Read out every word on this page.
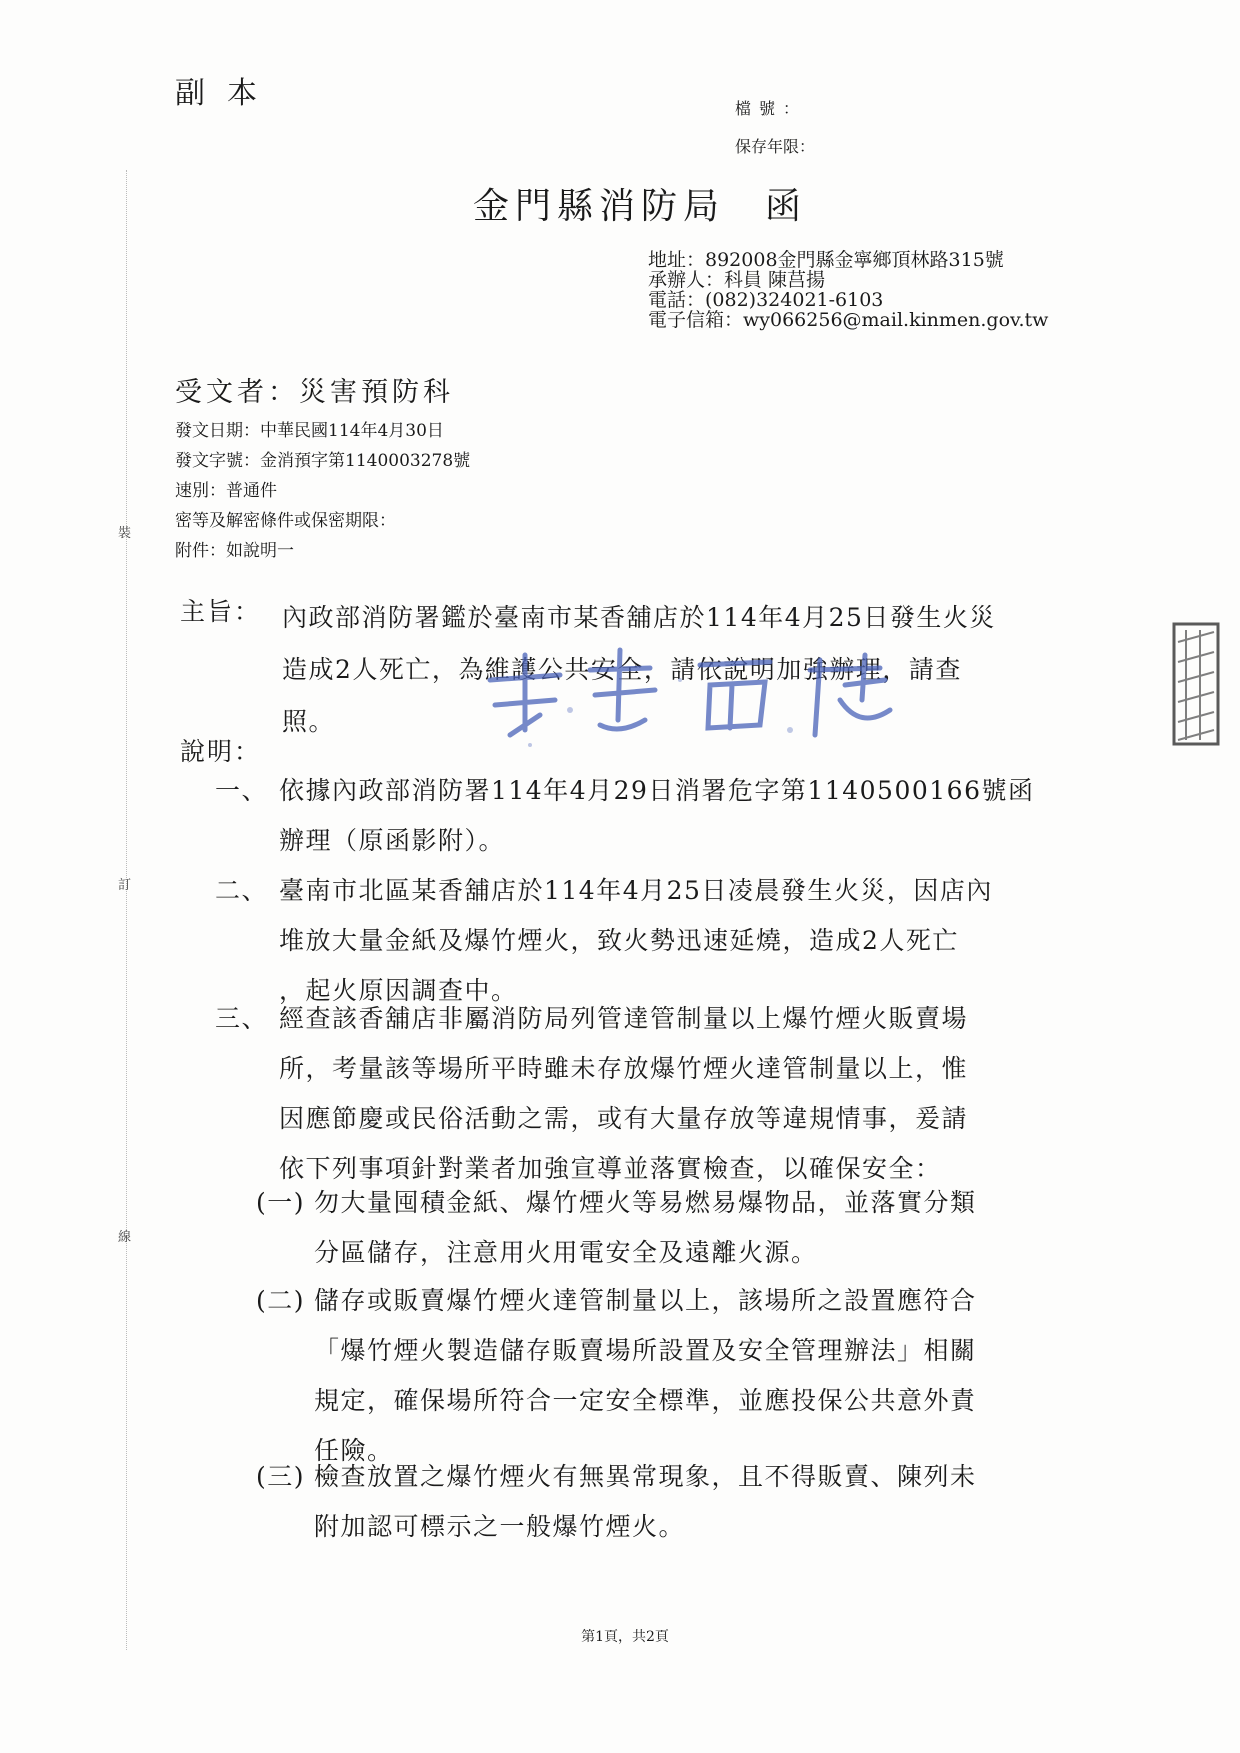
裝
訂
線
副本	檔號：
保存年限：
金門縣消防局 函
地址：892008金門縣金寧鄉頂林路315號
承辦人：科員 陳莒揚
電話：(082)324021-6103
電子信箱：wy066256@mail.kinmen.gov.tw
受文者：災害預防科
發文日期：中華民國114年4月30日
發文字號：金消預字第1140003278號
速別：普通件
密等及解密條件或保密期限：
附件：如說明一
主旨： 內政部消防署鑑於臺南市某香舖店於114年4月25日發生火災
造成2人死亡，為維護公共安全，請依說明加強辦理，請查
照。
說明：
一、 依據內政部消防署114年4月29日消署危字第1140500166號函
辦理（原函影附）。
二、 臺南市北區某香舖店於114年4月25日凌晨發生火災，因店內
堆放大量金紙及爆竹煙火，致火勢迅速延燒，造成2人死亡
，起火原因調查中。
三、 經查該香舖店非屬消防局列管達管制量以上爆竹煙火販賣場
所，考量該等場所平時雖未存放爆竹煙火達管制量以上，惟
因應節慶或民俗活動之需，或有大量存放等違規情事，爰請
依下列事項針對業者加強宣導並落實檢查，以確保安全：
(一) 勿大量囤積金紙、爆竹煙火等易燃易爆物品，並落實分類
分區儲存，注意用火用電安全及遠離火源。
(二) 儲存或販賣爆竹煙火達管制量以上，該場所之設置應符合
「爆竹煙火製造儲存販賣場所設置及安全管理辦法」相關
規定，確保場所符合一定安全標準，並應投保公共意外責
任險。
(三) 檢查放置之爆竹煙火有無異常現象，且不得販賣、陳列未
附加認可標示之一般爆竹煙火。
第1頁，共2頁
